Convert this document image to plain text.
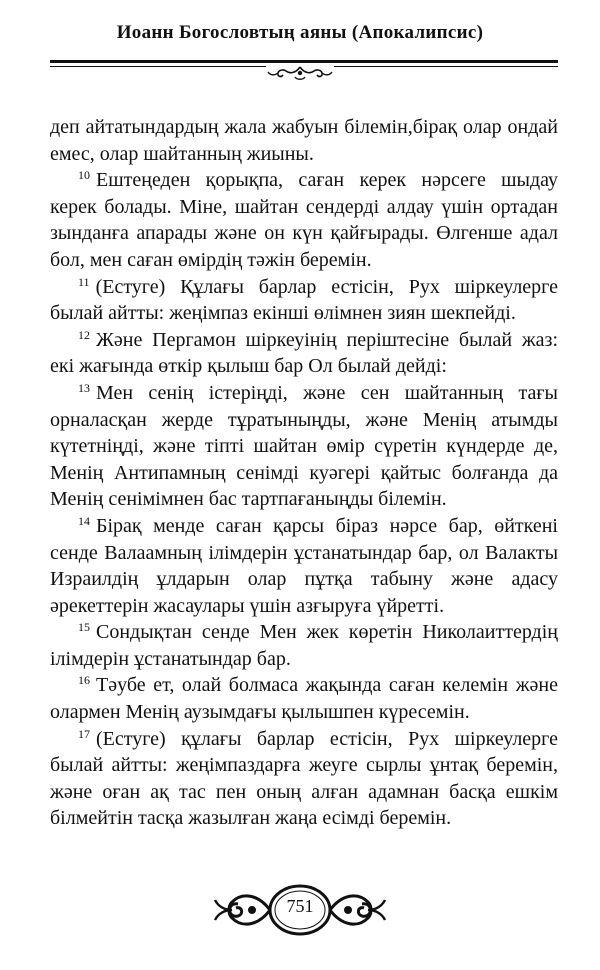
Иоанн Богословтың аяны (Апокалипсис)

деп айтатындардың жала жабуын білемін,бірақ олар ондай емес, олар шайтанның жиыны.

$^{10}$ Ештеңеден қорықпа, саған керек нәрсеге шыдау керек болады. Міне, шайтан сендерді алдау үшін ортадан зынданға апарады және он күн қайғырады. Өлгенше адал бол, мен саған өмірдің тәжін беремін.

$^{11}$ (Естуге) Құлағы барлар естісін, Рух шіркеулерге былай айтты: жеңімпаз екінші өлімнен зиян шекпейді.

$^{12}$ Және Пергамон шіркеуінің періштесіне былай жаз: екі жағында өткір қылыш бар Ол былай дейді:

$^{13}$ Мен сенің істеріңді, және сен шайтанның тағы орналасқан жерде тұратыныңды, және Менің атымды күтетніңді, және тіпті шайтан өмір сүретін күндерде де, Менің Антипамның сенімді куәгері қайтыс болғанда да Менің сенімімнен бас тартпағаныңды білемін.

$^{14}$ Бірақ менде саған қарсы біраз нәрсе бар, өйткені сенде Валаамның ілімдерін ұстанатындар бар, ол Валакты Израилдің ұлдарын олар пұтқа табыну және адасу әрекеттерін жасаулары үшін азғыруға үйретті.

$^{15}$ Сондықтан сенде Мен жек көретін Николаиттердің ілімдерін ұстанатындар бар.

$^{16}$ Тәубе ет, олай болмаса жақында саған келемін және олармен Менің аузымдағы қылышпен күресемін.

$^{17}$ (Естуге) құлағы барлар естісін, Рух шіркеулерге былай айтты: жеңімпаздарға жеуге сырлы ұнтақ беремін, және оған ақ тас пен оның алған адамнан басқа ешкім білмейтін тасқа жазылған жаңа есімді беремін.

751
